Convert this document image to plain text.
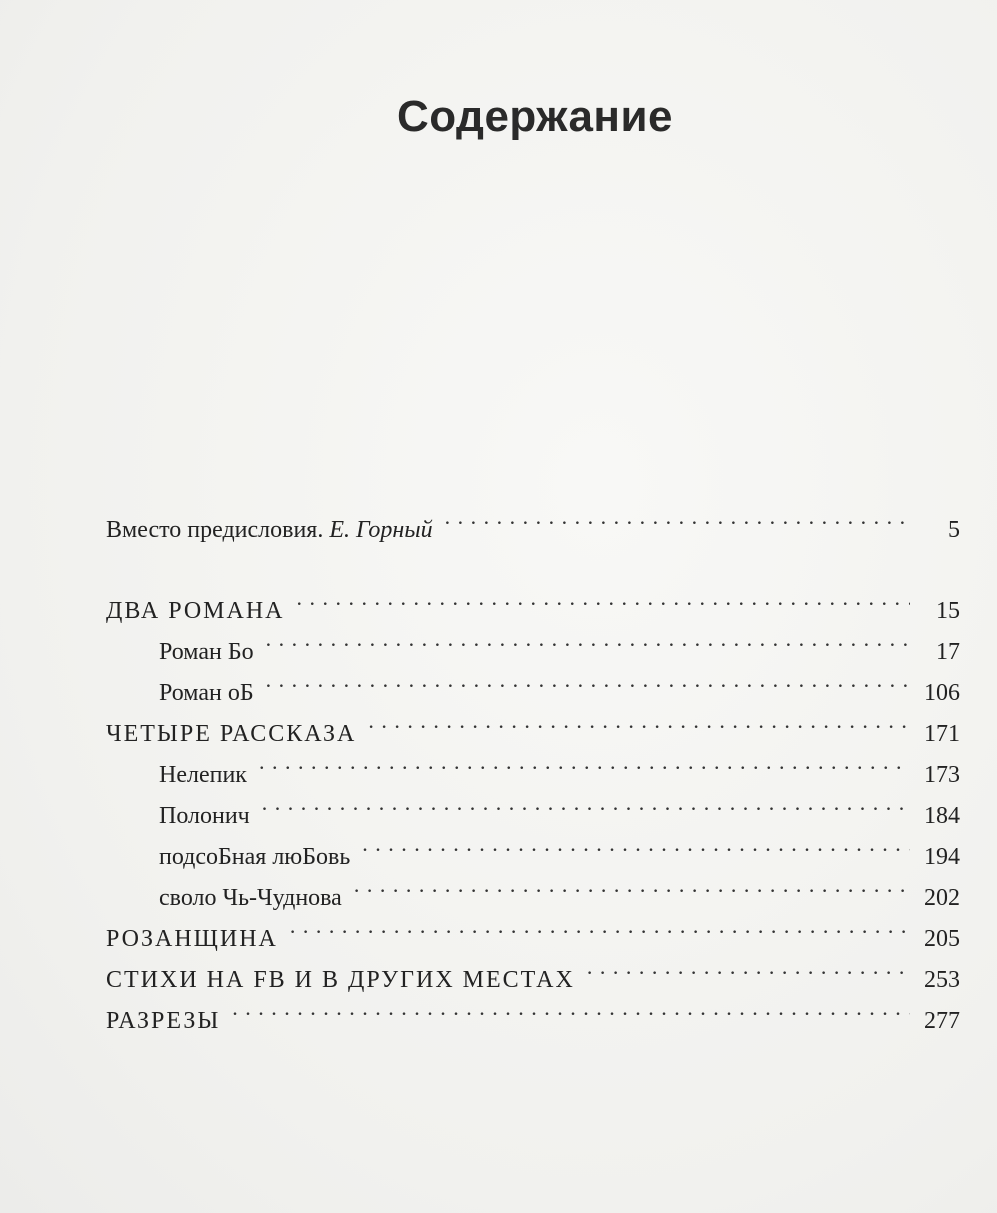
Содержание
Вместо предисловия. Е. Горный . . .	5
ДВА РОМАНА . . .	15
Роман Бо . . .	17
Роман оБ . . .	106
ЧЕТЫРЕ РАССКАЗА . . .	171
Нелепик . . .	173
Полонич . . .	184
подсоБная люБовь . . .	194
своло Чь-Чуднова . . .	202
РОЗАНЩИНА . . .	205
СТИХИ НА FB И В ДРУГИХ МЕСТАХ . . .	253
РАЗРЕЗЫ . . .	277
